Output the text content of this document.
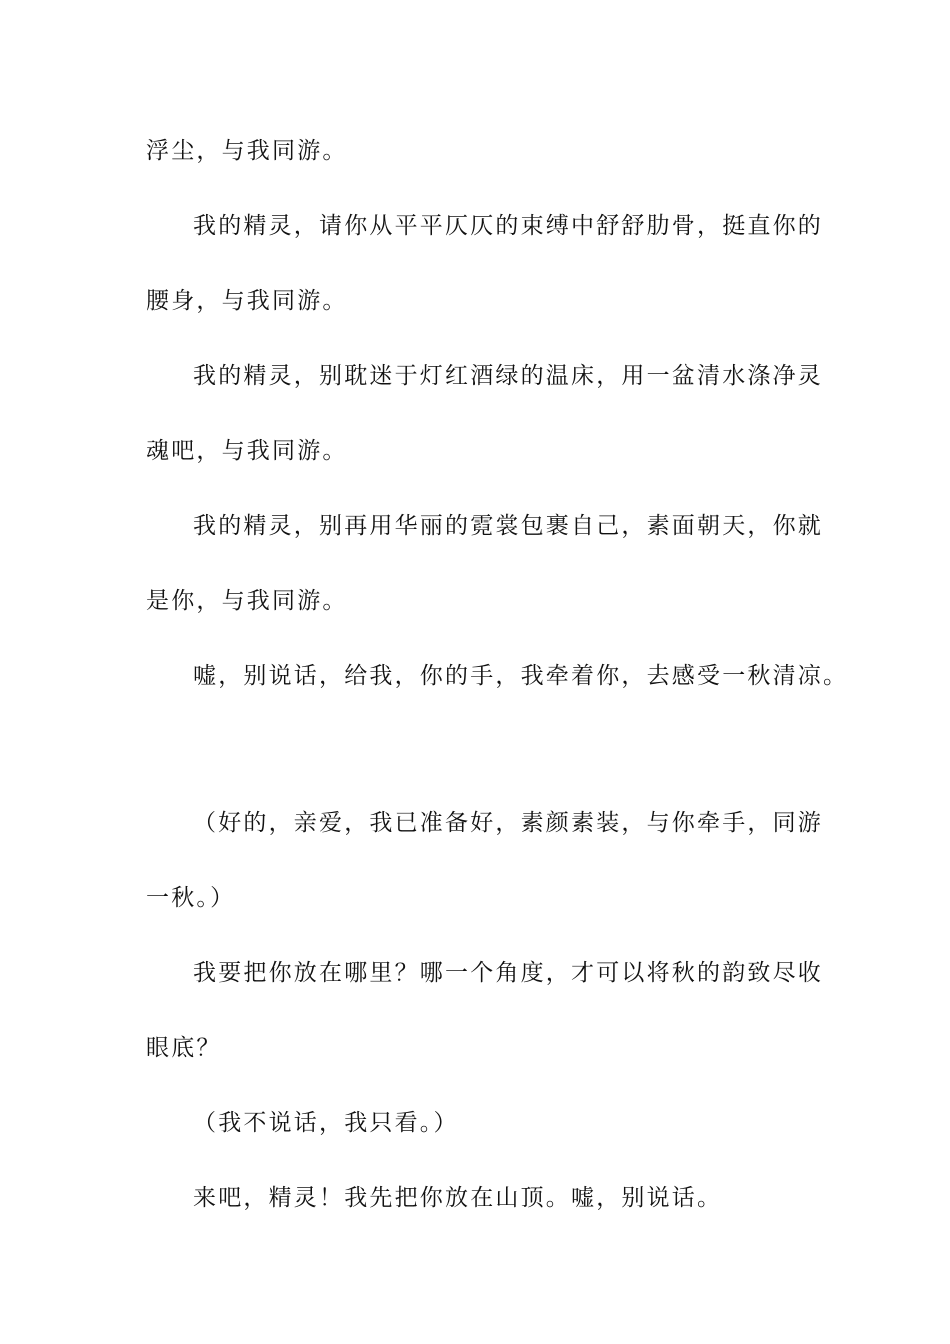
浮尘，与我同游。
我的精灵，请你从平平仄仄的束缚中舒舒肋骨，挺直你的
腰身，与我同游。
我的精灵，别耽迷于灯红酒绿的温床，用一盆清水涤净灵
魂吧，与我同游。
我的精灵，别再用华丽的霓裳包裹自己，素面朝天，你就
是你，与我同游。
嘘，别说话，给我，你的手，我牵着你，去感受一秋清凉。
（好的，亲爱，我已准备好，素颜素装，与你牵手，同游
一秋。）
我要把你放在哪里？哪一个角度，才可以将秋的韵致尽收
眼底？
（我不说话，我只看。）
来吧，精灵！我先把你放在山顶。嘘，别说话。
